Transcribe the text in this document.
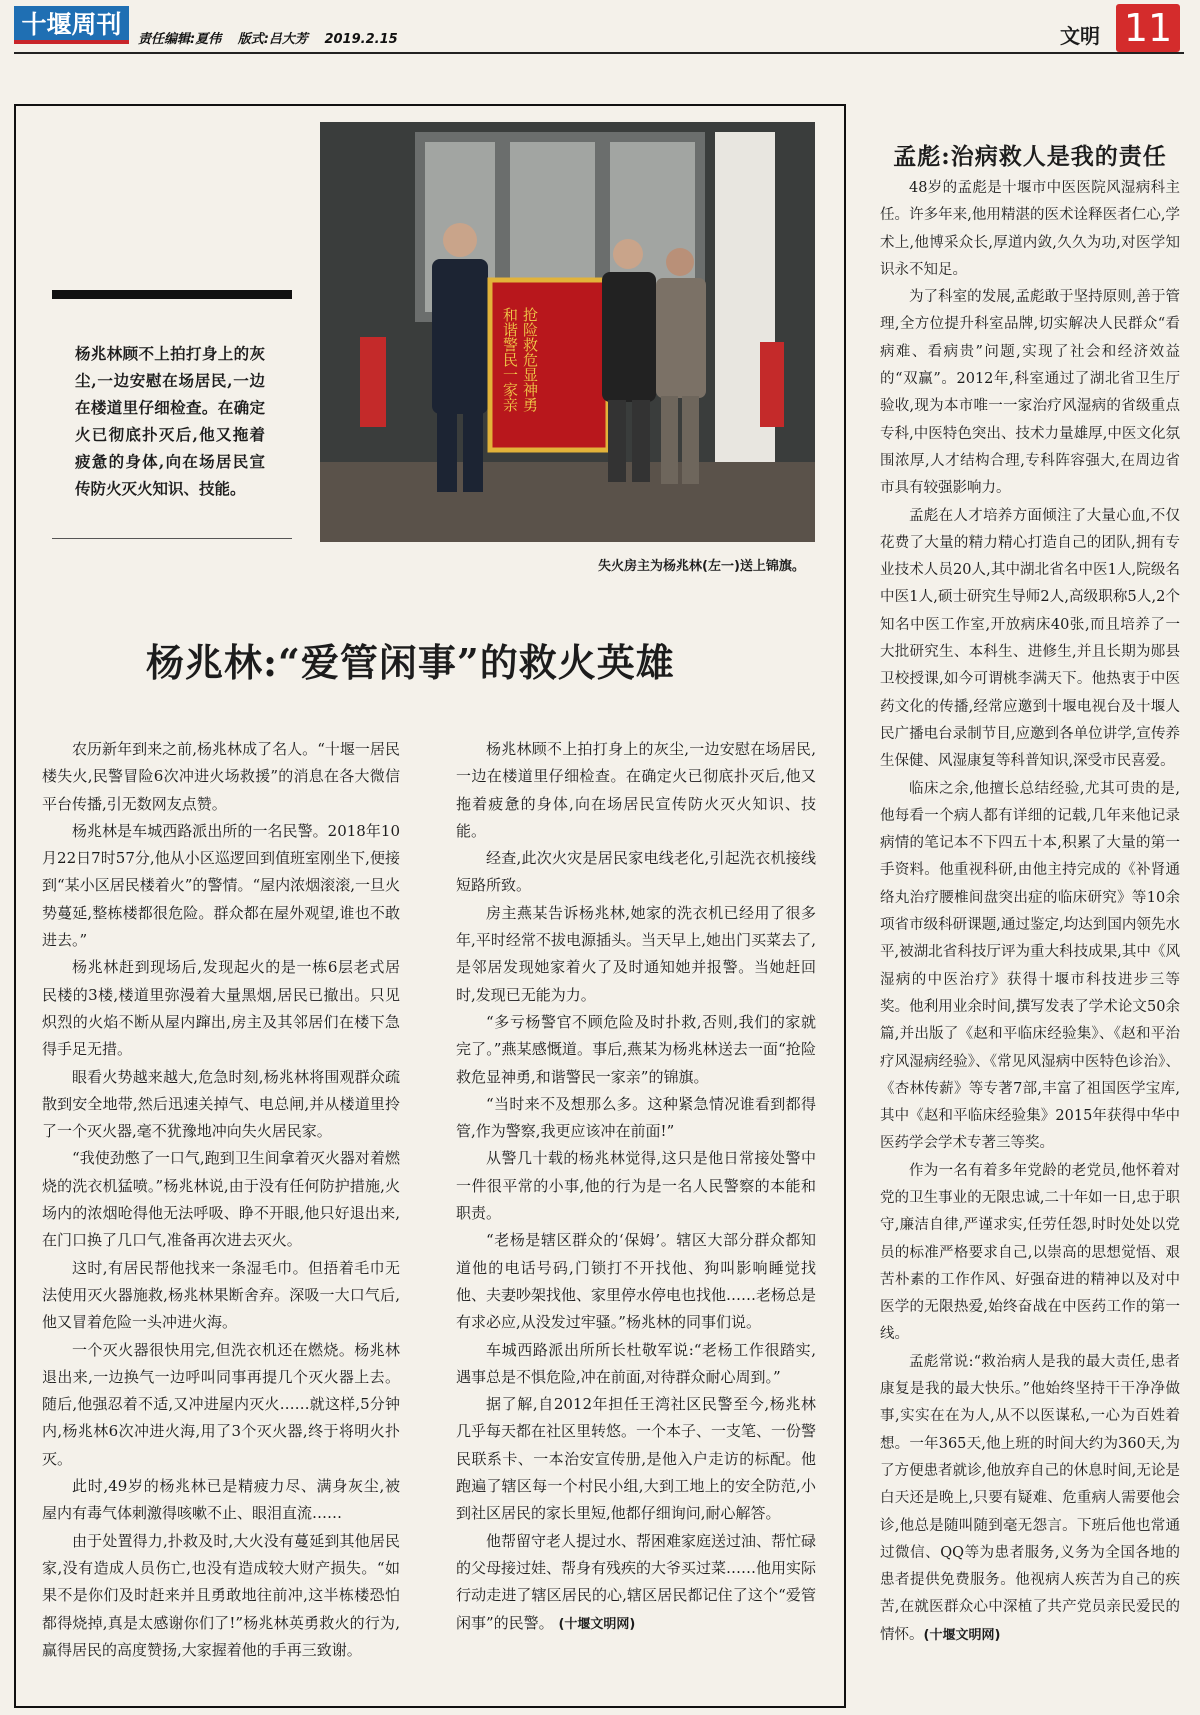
十堰周刊
责任编辑:夏伟 版式:吕大芳 2019.2.15	文明 11
杨兆林顾不上拍打身上的灰尘,一边安慰在场居民,一边在楼道里仔细检查。在确定火已彻底扑灭后,他又拖着疲惫的身体,向在场居民宣传防火灭火知识、技能。
抢险救危显神勇
和谐警民一家亲
失火房主为杨兆林(左一)送上锦旗。
杨兆林:“爱管闲事”的救火英雄

农历新年到来之前,杨兆林成了名人。“十堰一居民楼失火,民警冒险6次冲进火场救援”的消息在各大微信平台传播,引无数网友点赞。

杨兆林是车城西路派出所的一名民警。2018年10月22日7时57分,他从小区巡逻回到值班室刚坐下,便接到“某小区居民楼着火”的警情。“屋内浓烟滚滚,一旦火势蔓延,整栋楼都很危险。群众都在屋外观望,谁也不敢进去。”

杨兆林赶到现场后,发现起火的是一栋6层老式居民楼的3楼,楼道里弥漫着大量黑烟,居民已撤出。只见炽烈的火焰不断从屋内蹿出,房主及其邻居们在楼下急得手足无措。

眼看火势越来越大,危急时刻,杨兆林将围观群众疏散到安全地带,然后迅速关掉气、电总闸,并从楼道里拎了一个灭火器,毫不犹豫地冲向失火居民家。

“我使劲憋了一口气,跑到卫生间拿着灭火器对着燃烧的洗衣机猛喷。”杨兆林说,由于没有任何防护措施,火场内的浓烟呛得他无法呼吸、睁不开眼,他只好退出来,在门口换了几口气,准备再次进去灭火。

这时,有居民帮他找来一条湿毛巾。但捂着毛巾无法使用灭火器施救,杨兆林果断舍弃。深吸一大口气后,他又冒着危险一头冲进火海。

一个灭火器很快用完,但洗衣机还在燃烧。杨兆林退出来,一边换气一边呼叫同事再提几个灭火器上去。随后,他强忍着不适,又冲进屋内灭火……就这样,5分钟内,杨兆林6次冲进火海,用了3个灭火器,终于将明火扑灭。

此时,49岁的杨兆林已是精疲力尽、满身灰尘,被屋内有毒气体刺激得咳嗽不止、眼泪直流……

由于处置得力,扑救及时,大火没有蔓延到其他居民家,没有造成人员伤亡,也没有造成较大财产损失。“如果不是你们及时赶来并且勇敢地往前冲,这半栋楼恐怕都得烧掉,真是太感谢你们了!”杨兆林英勇救火的行为,赢得居民的高度赞扬,大家握着他的手再三致谢。

杨兆林顾不上拍打身上的灰尘,一边安慰在场居民,一边在楼道里仔细检查。在确定火已彻底扑灭后,他又拖着疲惫的身体,向在场居民宣传防火灭火知识、技能。

经查,此次火灾是居民家电线老化,引起洗衣机接线短路所致。

房主燕某告诉杨兆林,她家的洗衣机已经用了很多年,平时经常不拔电源插头。当天早上,她出门买菜去了,是邻居发现她家着火了及时通知她并报警。当她赶回时,发现已无能为力。

“多亏杨警官不顾危险及时扑救,否则,我们的家就完了。”燕某感慨道。事后,燕某为杨兆林送去一面“抢险救危显神勇,和谐警民一家亲”的锦旗。

“当时来不及想那么多。这种紧急情况谁看到都得管,作为警察,我更应该冲在前面!”

从警几十载的杨兆林觉得,这只是他日常接处警中一件很平常的小事,他的行为是一名人民警察的本能和职责。

“老杨是辖区群众的‘保姆’。辖区大部分群众都知道他的电话号码,门锁打不开找他、狗叫影响睡觉找他、夫妻吵架找他、家里停水停电也找他……老杨总是有求必应,从没发过牢骚。”杨兆林的同事们说。

车城西路派出所所长杜敬军说:“老杨工作很踏实,遇事总是不惧危险,冲在前面,对待群众耐心周到。”

据了解,自2012年担任王湾社区民警至今,杨兆林几乎每天都在社区里转悠。一个本子、一支笔、一份警民联系卡、一本治安宣传册,是他入户走访的标配。他跑遍了辖区每一个村民小组,大到工地上的安全防范,小到社区居民的家长里短,他都仔细询问,耐心解答。

他帮留守老人提过水、帮困难家庭送过油、帮忙碌的父母接过娃、帮身有残疾的大爷买过菜……他用实际行动走进了辖区居民的心,辖区居民都记住了这个“爱管闲事”的民警。 (十堰文明网)

孟彪:治病救人是我的责任

48岁的孟彪是十堰市中医医院风湿病科主任。许多年来,他用精湛的医术诠释医者仁心,学术上,他博采众长,厚道内敛,久久为功,对医学知识永不知足。

为了科室的发展,孟彪敢于坚持原则,善于管理,全方位提升科室品牌,切实解决人民群众“看病难、看病贵”问题,实现了社会和经济效益的“双赢”。2012年,科室通过了湖北省卫生厅验收,现为本市唯一一家治疗风湿病的省级重点专科,中医特色突出、技术力量雄厚,中医文化氛围浓厚,人才结构合理,专科阵容强大,在周边省市具有较强影响力。

孟彪在人才培养方面倾注了大量心血,不仅花费了大量的精力精心打造自己的团队,拥有专业技术人员20人,其中湖北省名中医1人,院级名中医1人,硕士研究生导师2人,高级职称5人,2个知名中医工作室,开放病床40张,而且培养了一大批研究生、本科生、进修生,并且长期为郧县卫校授课,如今可谓桃李满天下。他热衷于中医药文化的传播,经常应邀到十堰电视台及十堰人民广播电台录制节目,应邀到各单位讲学,宣传养生保健、风湿康复等科普知识,深受市民喜爱。

临床之余,他擅长总结经验,尤其可贵的是,他每看一个病人都有详细的记载,几年来他记录病情的笔记本不下四五十本,积累了大量的第一手资料。他重视科研,由他主持完成的《补肾通络丸治疗腰椎间盘突出症的临床研究》等10余项省市级科研课题,通过鉴定,均达到国内领先水平,被湖北省科技厅评为重大科技成果,其中《风湿病的中医治疗》获得十堰市科技进步三等奖。他利用业余时间,撰写发表了学术论文50余篇,并出版了《赵和平临床经验集》、《赵和平治疗风湿病经验》、《常见风湿病中医特色诊治》、《杏林传薪》等专著7部,丰富了祖国医学宝库,其中《赵和平临床经验集》2015年获得中华中医药学会学术专著三等奖。

作为一名有着多年党龄的老党员,他怀着对党的卫生事业的无限忠诚,二十年如一日,忠于职守,廉洁自律,严谨求实,任劳任怨,时时处处以党员的标准严格要求自己,以崇高的思想觉悟、艰苦朴素的工作作风、好强奋进的精神以及对中医学的无限热爱,始终奋战在中医药工作的第一线。

孟彪常说:“救治病人是我的最大责任,患者康复是我的最大快乐。”他始终坚持干干净净做事,实实在在为人,从不以医谋私,一心为百姓着想。一年365天,他上班的时间大约为360天,为了方便患者就诊,他放弃自己的休息时间,无论是白天还是晚上,只要有疑难、危重病人需要他会诊,他总是随叫随到毫无怨言。下班后他也常通过微信、QQ等为患者服务,义务为全国各地的患者提供免费服务。他视病人疾苦为自己的疾苦,在就医群众心中深植了共产党员亲民爱民的情怀。(十堰文明网)
